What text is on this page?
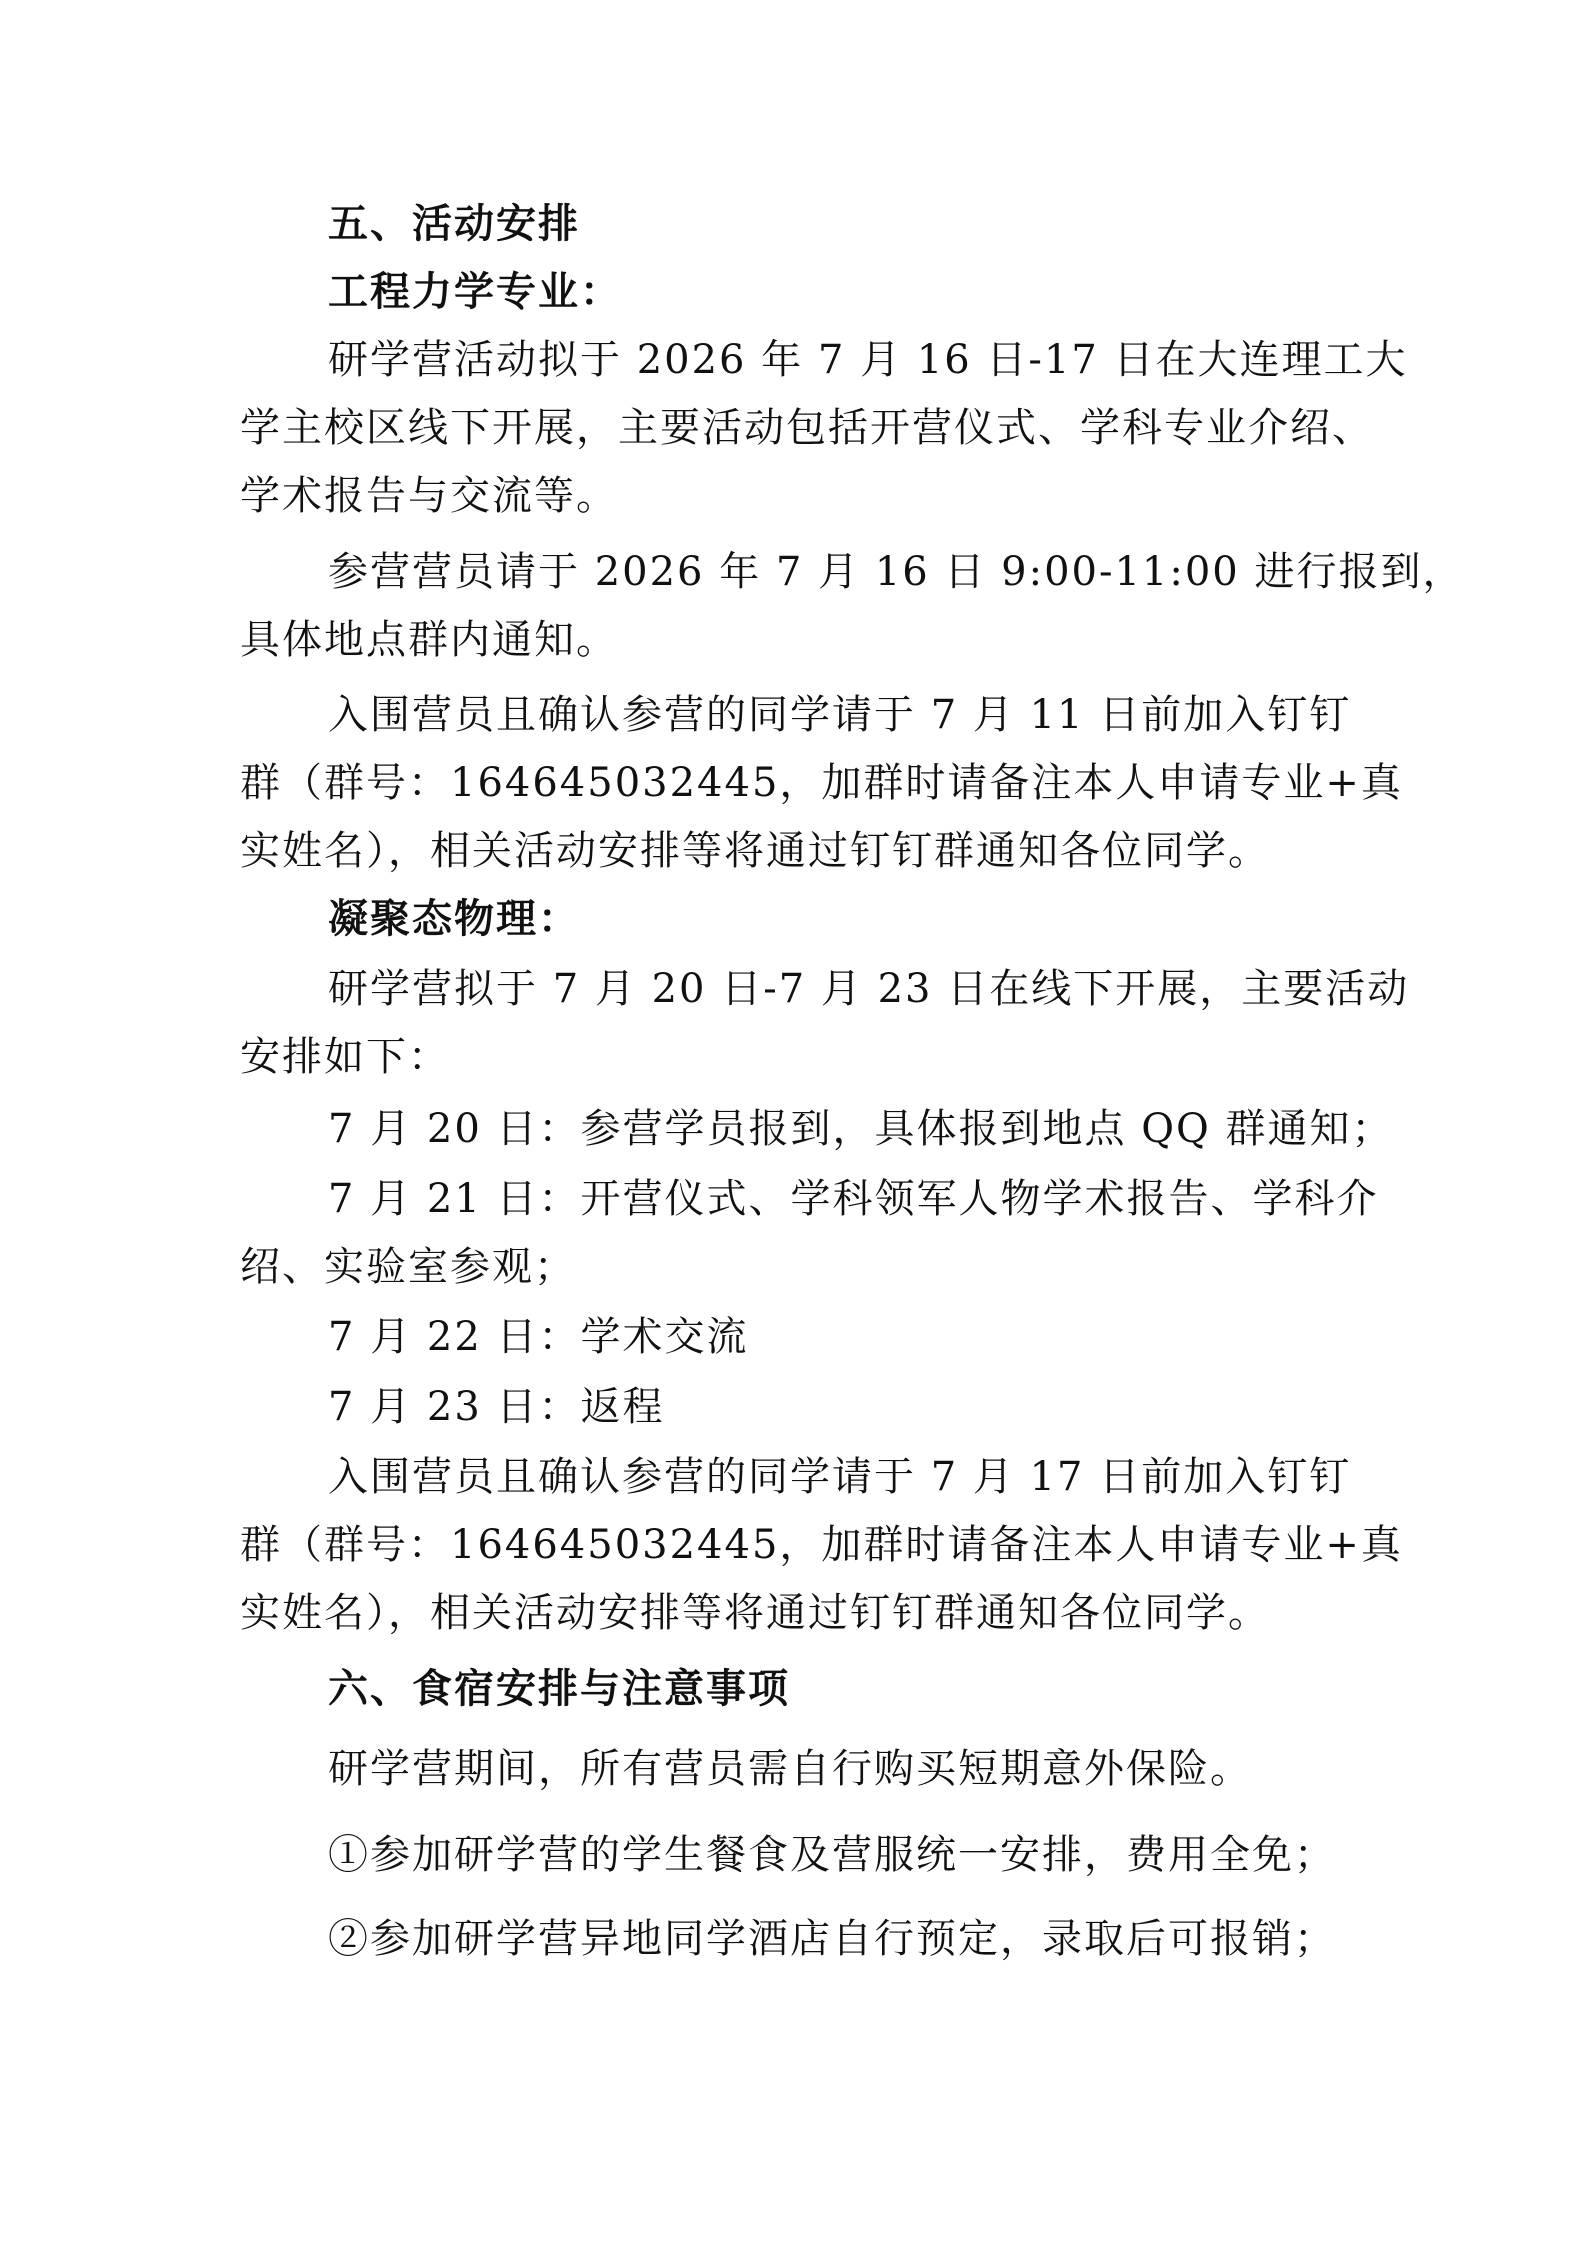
五、活动安排
工程力学专业：
研学营活动拟于 2026 年 7 月 16 日-17 日在大连理工大
学主校区线下开展，主要活动包括开营仪式、学科专业介绍、
学术报告与交流等。
参营营员请于 2026 年 7 月 16 日 9:00-11:00 进行报到，
具体地点群内通知。
入围营员且确认参营的同学请于 7 月 11 日前加入钉钉
群（群号：164645032445，加群时请备注本人申请专业+真
实姓名），相关活动安排等将通过钉钉群通知各位同学。
凝聚态物理：
研学营拟于 7 月 20 日-7 月 23 日在线下开展，主要活动
安排如下：
7 月 20 日：参营学员报到，具体报到地点 QQ 群通知；
7 月 21 日：开营仪式、学科领军人物学术报告、学科介
绍、实验室参观；
7 月 22 日：学术交流
7 月 23 日：返程
入围营员且确认参营的同学请于 7 月 17 日前加入钉钉
群（群号：164645032445，加群时请备注本人申请专业+真
实姓名），相关活动安排等将通过钉钉群通知各位同学。
六、食宿安排与注意事项
研学营期间，所有营员需自行购买短期意外保险。
①参加研学营的学生餐食及营服统一安排，费用全免；
②参加研学营异地同学酒店自行预定，录取后可报销；
